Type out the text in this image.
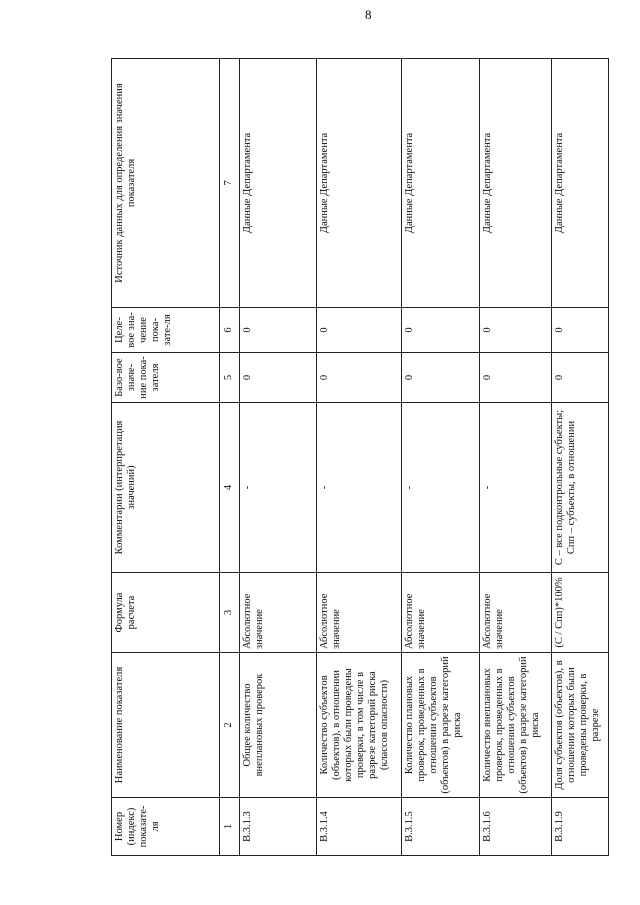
8
Номер (индекс) показате-ля	Наименование показателя	Формула расчета	Комментарии (интерпретация значений)	Базо-вое значе-ние пока-зателя	Целе-вое зна-чение пока-зате-ля	Источник данных для определения значения показателя
1	2	3	4	5	6	7
В.3.1.3	Общее количество внеплановых проверок	Абсолютное значение	-	0	0	Данные Департамента
В.3.1.4	Количество субъектов (объектов), в отношении которых были проведены проверки, в том числе в разрезе категорий риска (классов опасности)	Абсолютное значение	-	0	0	Данные Департамента
В.3.1.5	Количество плановых проверок, проведенных в отношении субъектов (объектов) в разрезе категорий риска	Абсолютное значение	-	0	0	Данные Департамента
В.3.1.6	Количество внеплановых проверок, проведенных в отношении субъектов (объектов) в разрезе категорий риска	Абсолютное значение	-	0	0	Данные Департамента
В.3.1.9	Доля субъектов (объектов), в отношении которых были проведены проверки, в разрезе	(С / Спп)*100%	С – все подконтрольные субъекты; Спп – субъекты, в отношении	0	0	Данные Департамента
